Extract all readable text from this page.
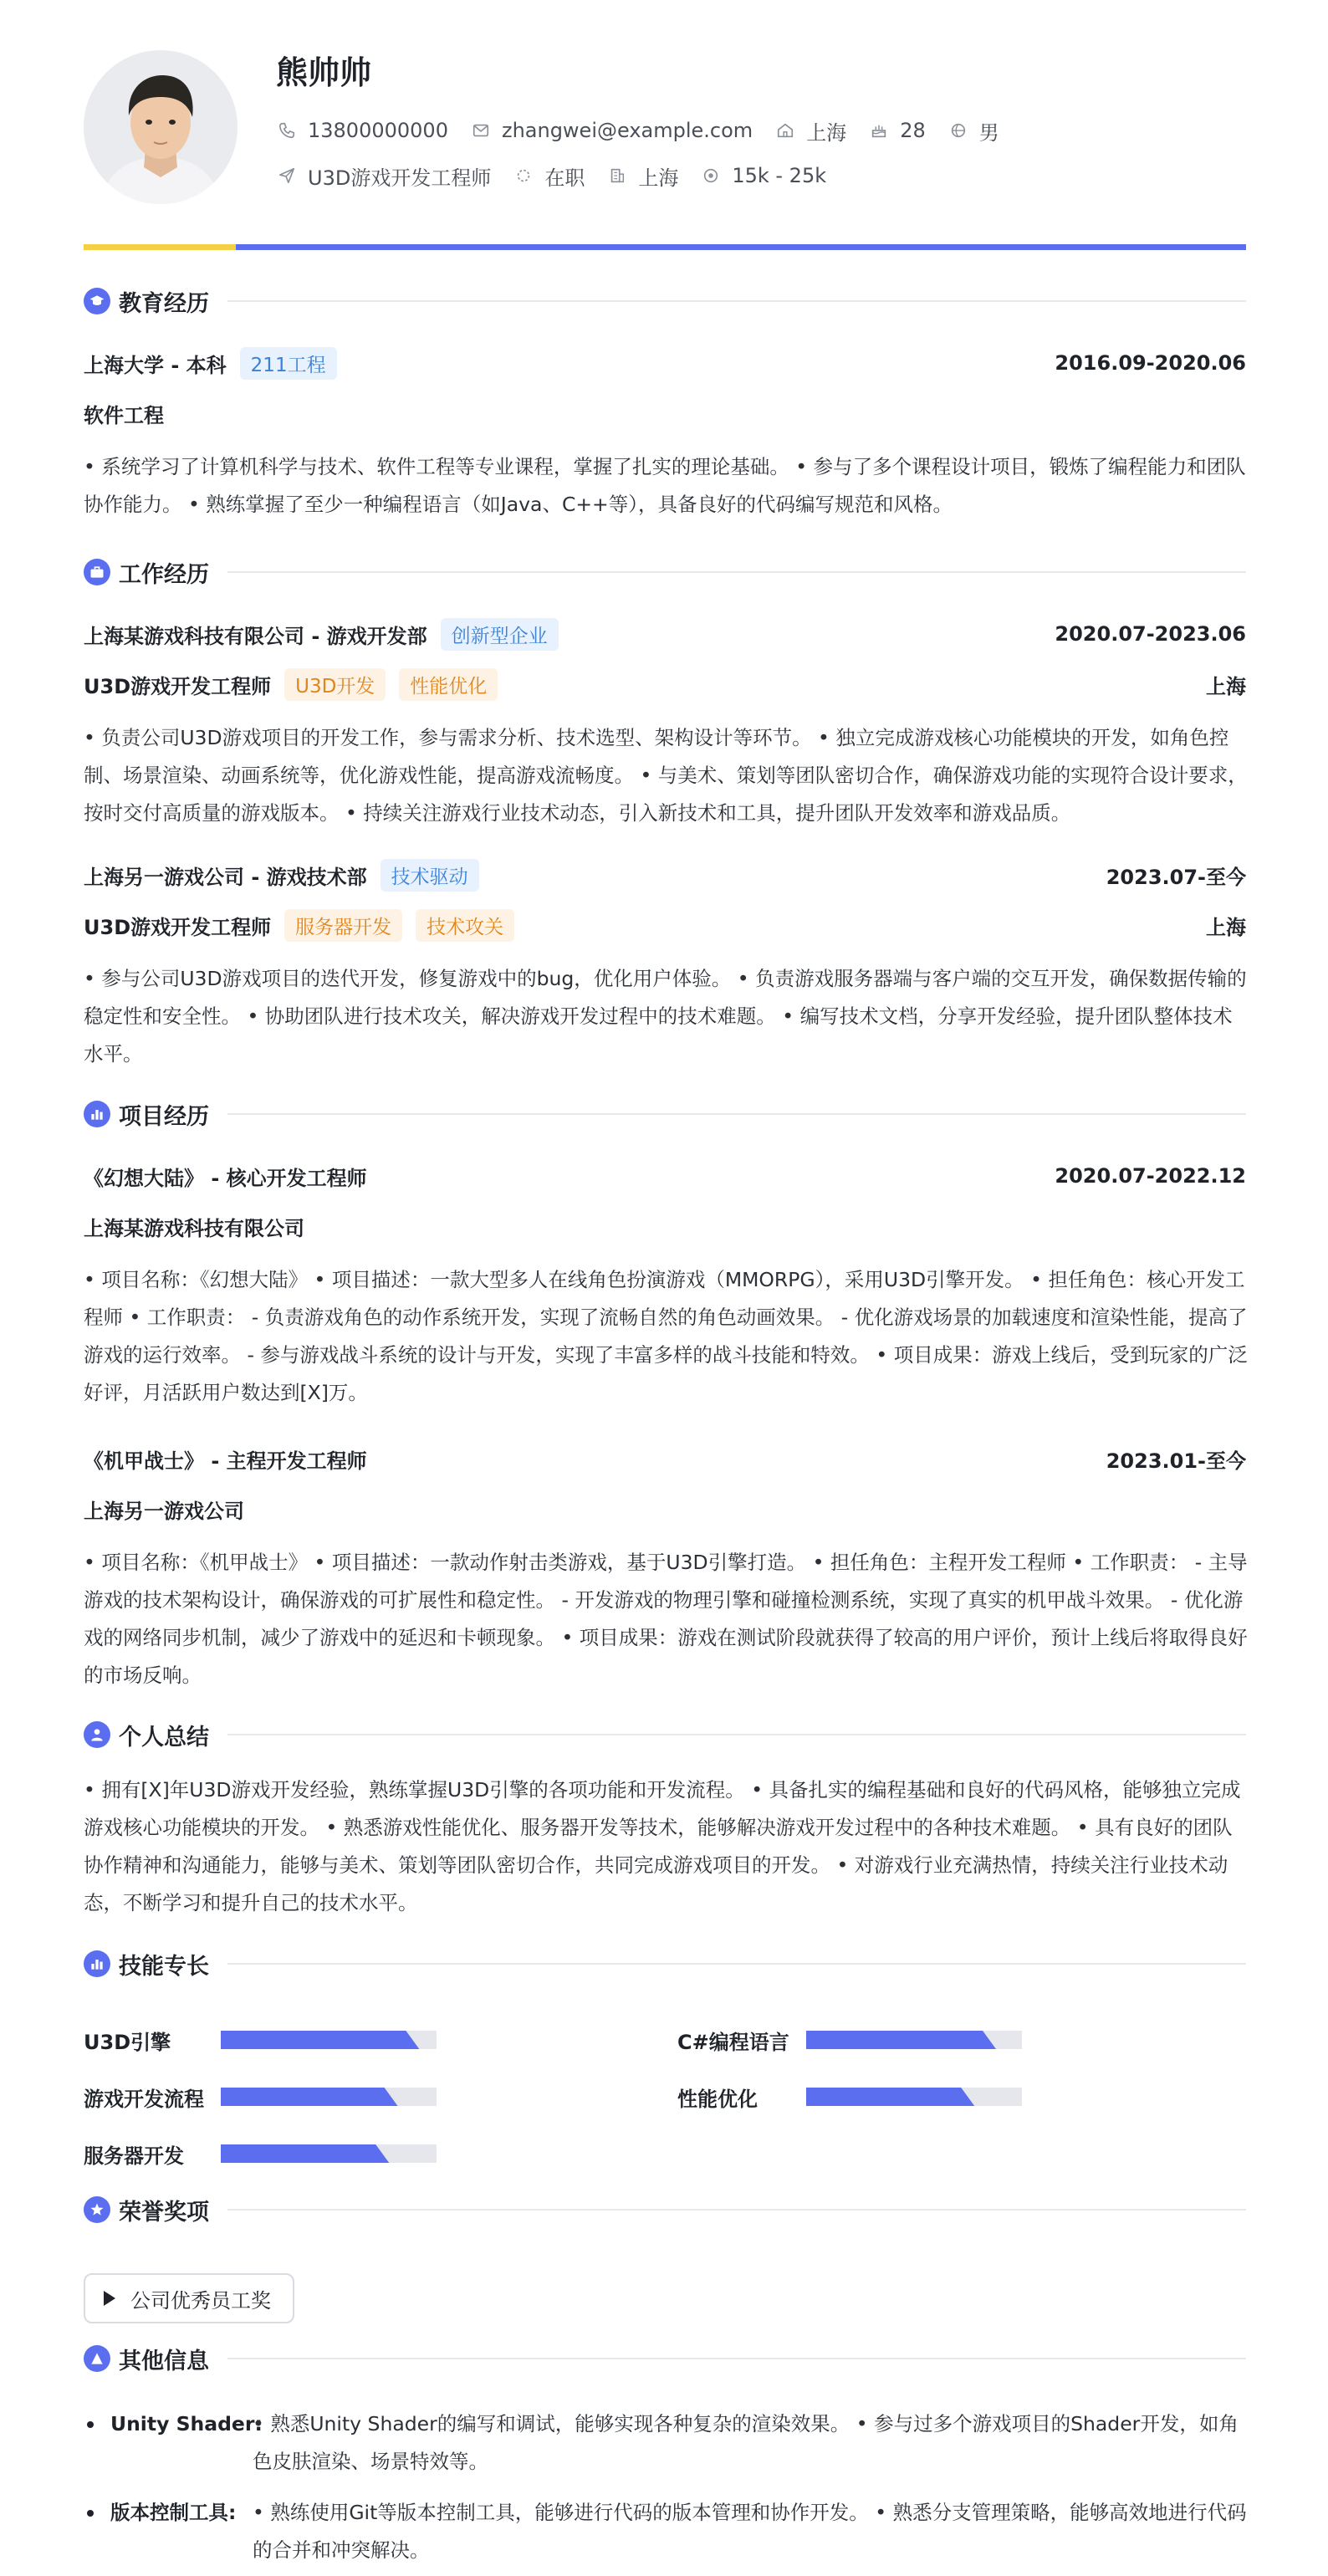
熊帅帅
13800000000	zhangwei@example.com	上海	28	男
U3D游戏开发工程师	在职	上海	15k - 25k
教育经历
上海大学 - 本科	211工程	2016.09-2020.06
软件工程
• 系统学习了计算机科学与技术、软件工程等专业课程，掌握了扎实的理论基础。 • 参与了多个课程设计项目，锻炼了编程能力和团队协作能力。 • 熟练掌握了至少一种编程语言（如Java、C++等），具备良好的代码编写规范和风格。
工作经历
上海某游戏科技有限公司 - 游戏开发部	创新型企业	2020.07-2023.06
U3D游戏开发工程师	U3D开发	性能优化	上海
• 负责公司U3D游戏项目的开发工作，参与需求分析、技术选型、架构设计等环节。 • 独立完成游戏核心功能模块的开发，如角色控制、场景渲染、动画系统等，优化游戏性能，提高游戏流畅度。 • 与美术、策划等团队密切合作，确保游戏功能的实现符合设计要求，按时交付高质量的游戏版本。 • 持续关注游戏行业技术动态，引入新技术和工具，提升团队开发效率和游戏品质。
上海另一游戏公司 - 游戏技术部	技术驱动	2023.07-至今
U3D游戏开发工程师	服务器开发	技术攻关	上海
• 参与公司U3D游戏项目的迭代开发，修复游戏中的bug，优化用户体验。 • 负责游戏服务器端与客户端的交互开发，确保数据传输的稳定性和安全性。 • 协助团队进行技术攻关，解决游戏开发过程中的技术难题。 • 编写技术文档，分享开发经验，提升团队整体技术水平。
项目经历
《幻想大陆》 - 核心开发工程师	2020.07-2022.12
上海某游戏科技有限公司
• 项目名称：《幻想大陆》 • 项目描述：一款大型多人在线角色扮演游戏（MMORPG），采用U3D引擎开发。 • 担任角色：核心开发工程师 • 工作职责： - 负责游戏角色的动作系统开发，实现了流畅自然的角色动画效果。 - 优化游戏场景的加载速度和渲染性能，提高了游戏的运行效率。 - 参与游戏战斗系统的设计与开发，实现了丰富多样的战斗技能和特效。 • 项目成果：游戏上线后，受到玩家的广泛好评，月活跃用户数达到[X]万。
《机甲战士》 - 主程开发工程师	2023.01-至今
上海另一游戏公司
• 项目名称：《机甲战士》 • 项目描述：一款动作射击类游戏，基于U3D引擎打造。 • 担任角色：主程开发工程师 • 工作职责： - 主导游戏的技术架构设计，确保游戏的可扩展性和稳定性。 - 开发游戏的物理引擎和碰撞检测系统，实现了真实的机甲战斗效果。 - 优化游戏的网络同步机制，减少了游戏中的延迟和卡顿现象。 • 项目成果：游戏在测试阶段就获得了较高的用户评价，预计上线后将取得良好的市场反响。
个人总结
• 拥有[X]年U3D游戏开发经验，熟练掌握U3D引擎的各项功能和开发流程。 • 具备扎实的编程基础和良好的代码风格，能够独立完成游戏核心功能模块的开发。 • 熟悉游戏性能优化、服务器开发等技术，能够解决游戏开发过程中的各种技术难题。 • 具有良好的团队协作精神和沟通能力，能够与美术、策划等团队密切合作，共同完成游戏项目的开发。 • 对游戏行业充满热情，持续关注行业技术动态，不断学习和提升自己的技术水平。
技能专长
U3D引擎	C#编程语言
游戏开发流程	性能优化
服务器开发
荣誉奖项
公司优秀员工奖
其他信息
Unity Shader:
• 熟悉Unity Shader的编写和调试，能够实现各种复杂的渲染效果。 • 参与过多个游戏项目的Shader开发，如角色皮肤渲染、场景特效等。
版本控制工具: • 熟练使用Git等版本控制工具，能够进行代码的版本管理和协作开发。 • 熟悉分支管理策略，能够高效地进行代码的合并和冲突解决。
